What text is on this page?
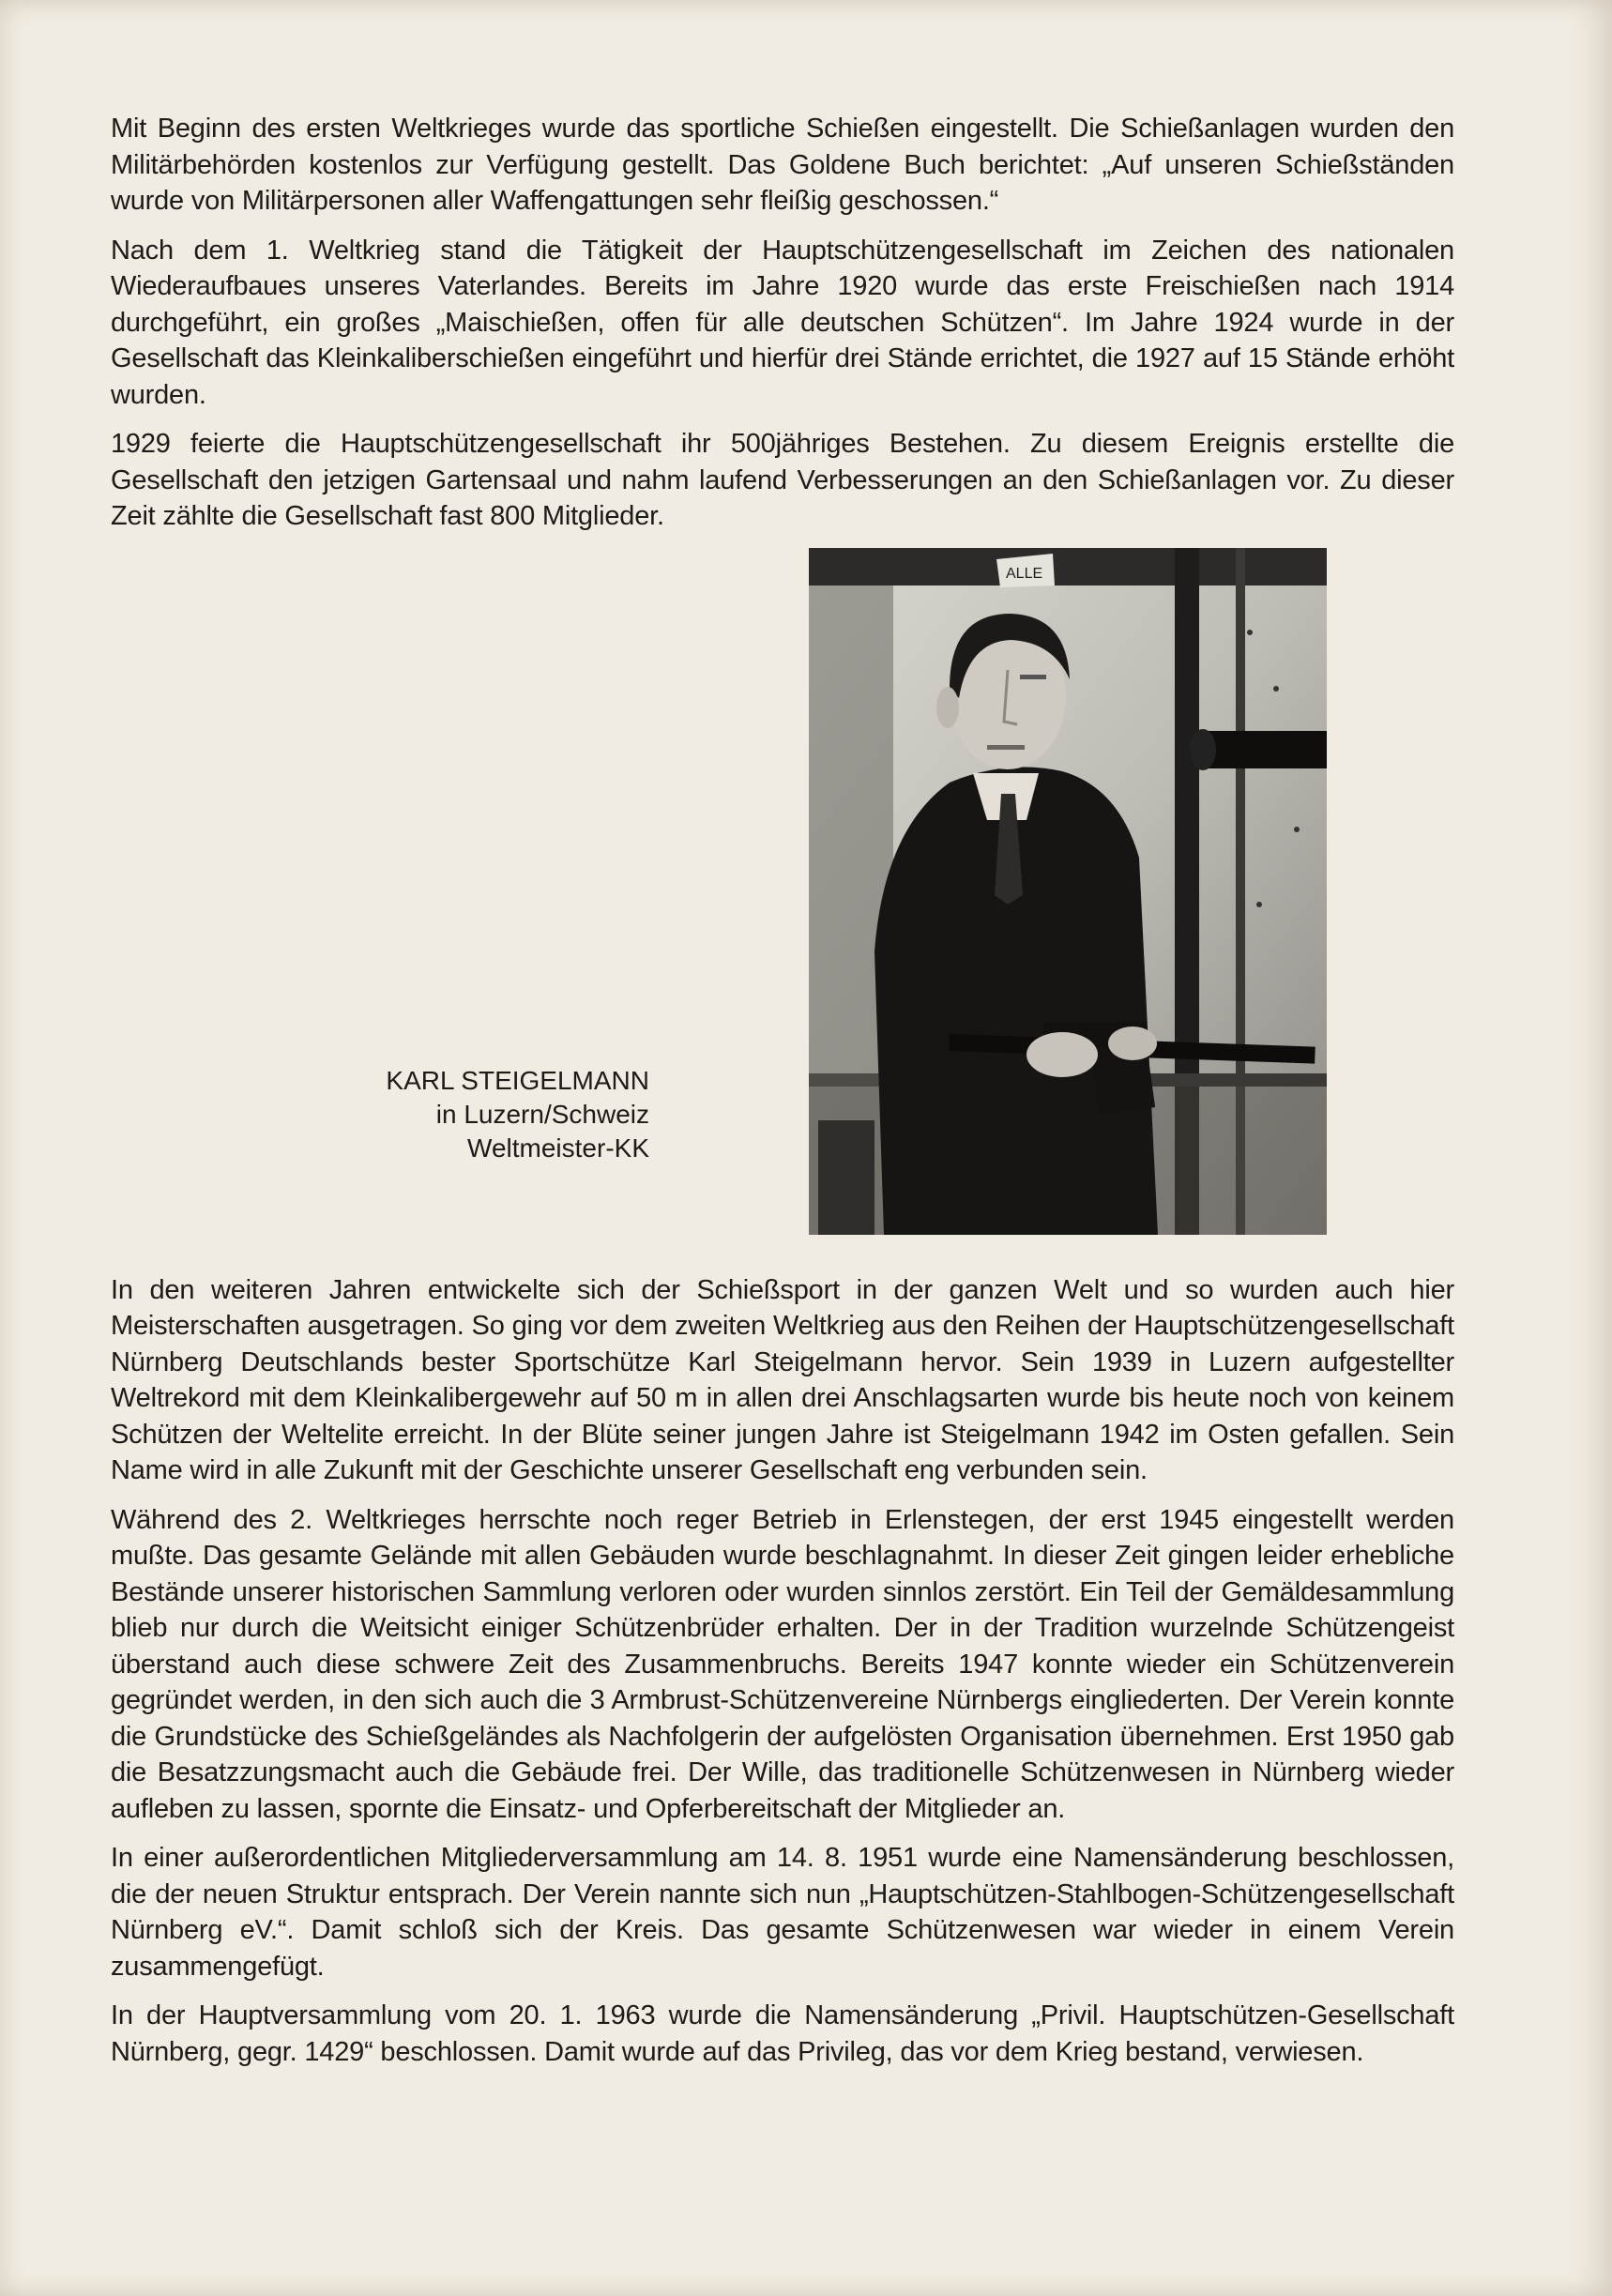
Mit Beginn des ersten Weltkrieges wurde das sportliche Schießen eingestellt. Die Schießanlagen wurden den Militärbehörden kostenlos zur Verfügung gestellt. Das Goldene Buch berichtet: „Auf unseren Schießständen wurde von Militärpersonen aller Waffengattungen sehr fleißig geschossen.“

Nach dem 1. Weltkrieg stand die Tätigkeit der Hauptschützengesellschaft im Zeichen des nationalen Wiederaufbaues unseres Vaterlandes. Bereits im Jahre 1920 wurde das erste Freischießen nach 1914 durchgeführt, ein großes „Maischießen, offen für alle deutschen Schützen“. Im Jahre 1924 wurde in der Gesellschaft das Kleinkaliberschießen eingeführt und hierfür drei Stände errichtet, die 1927 auf 15 Stände erhöht wurden.

1929 feierte die Hauptschützengesellschaft ihr 500jähriges Bestehen. Zu diesem Ereignis erstellte die Gesellschaft den jetzigen Gartensaal und nahm laufend Verbesserungen an den Schießanlagen vor. Zu dieser Zeit zählte die Gesellschaft fast 800 Mitglieder.

KARL STEIGELMANN
in Luzern/Schweiz
Weltmeister-KK
ALLE

In den weiteren Jahren entwickelte sich der Schießsport in der ganzen Welt und so wurden auch hier Meisterschaften ausgetragen. So ging vor dem zweiten Weltkrieg aus den Reihen der Hauptschützengesellschaft Nürnberg Deutschlands bester Sportschütze Karl Steigelmann hervor. Sein 1939 in Luzern aufgestellter Weltrekord mit dem Kleinkalibergewehr auf 50 m in allen drei Anschlagsarten wurde bis heute noch von keinem Schützen der Weltelite erreicht. In der Blüte seiner jungen Jahre ist Steigelmann 1942 im Osten gefallen. Sein Name wird in alle Zukunft mit der Geschichte unserer Gesellschaft eng verbunden sein.

Während des 2. Weltkrieges herrschte noch reger Betrieb in Erlenstegen, der erst 1945 eingestellt werden mußte. Das gesamte Gelände mit allen Gebäuden wurde beschlagnahmt. In dieser Zeit gingen leider erhebliche Bestände unserer historischen Sammlung verloren oder wurden sinnlos zerstört. Ein Teil der Gemäldesammlung blieb nur durch die Weitsicht einiger Schützenbrüder erhalten. Der in der Tradition wurzelnde Schützengeist überstand auch diese schwere Zeit des Zusammenbruchs. Bereits 1947 konnte wieder ein Schützenverein gegründet werden, in den sich auch die 3 Armbrust-Schützenvereine Nürnbergs eingliederten. Der Verein konnte die Grundstücke des Schießgeländes als Nachfolgerin der aufgelösten Organisation übernehmen. Erst 1950 gab die Besatzzungsmacht auch die Gebäude frei. Der Wille, das traditionelle Schützenwesen in Nürnberg wieder aufleben zu lassen, spornte die Einsatz- und Opferbereitschaft der Mitglieder an.

In einer außerordentlichen Mitgliederversammlung am 14. 8. 1951 wurde eine Namensänderung beschlossen, die der neuen Struktur entsprach. Der Verein nannte sich nun „Hauptschützen-Stahlbogen-Schützengesellschaft Nürnberg eV.“. Damit schloß sich der Kreis. Das gesamte Schützenwesen war wieder in einem Verein zusammengefügt.

In der Hauptversammlung vom 20. 1. 1963 wurde die Namensänderung „Privil. Hauptschützen-Gesellschaft Nürnberg, gegr. 1429“ beschlossen. Damit wurde auf das Privileg, das vor dem Krieg bestand, verwiesen.
